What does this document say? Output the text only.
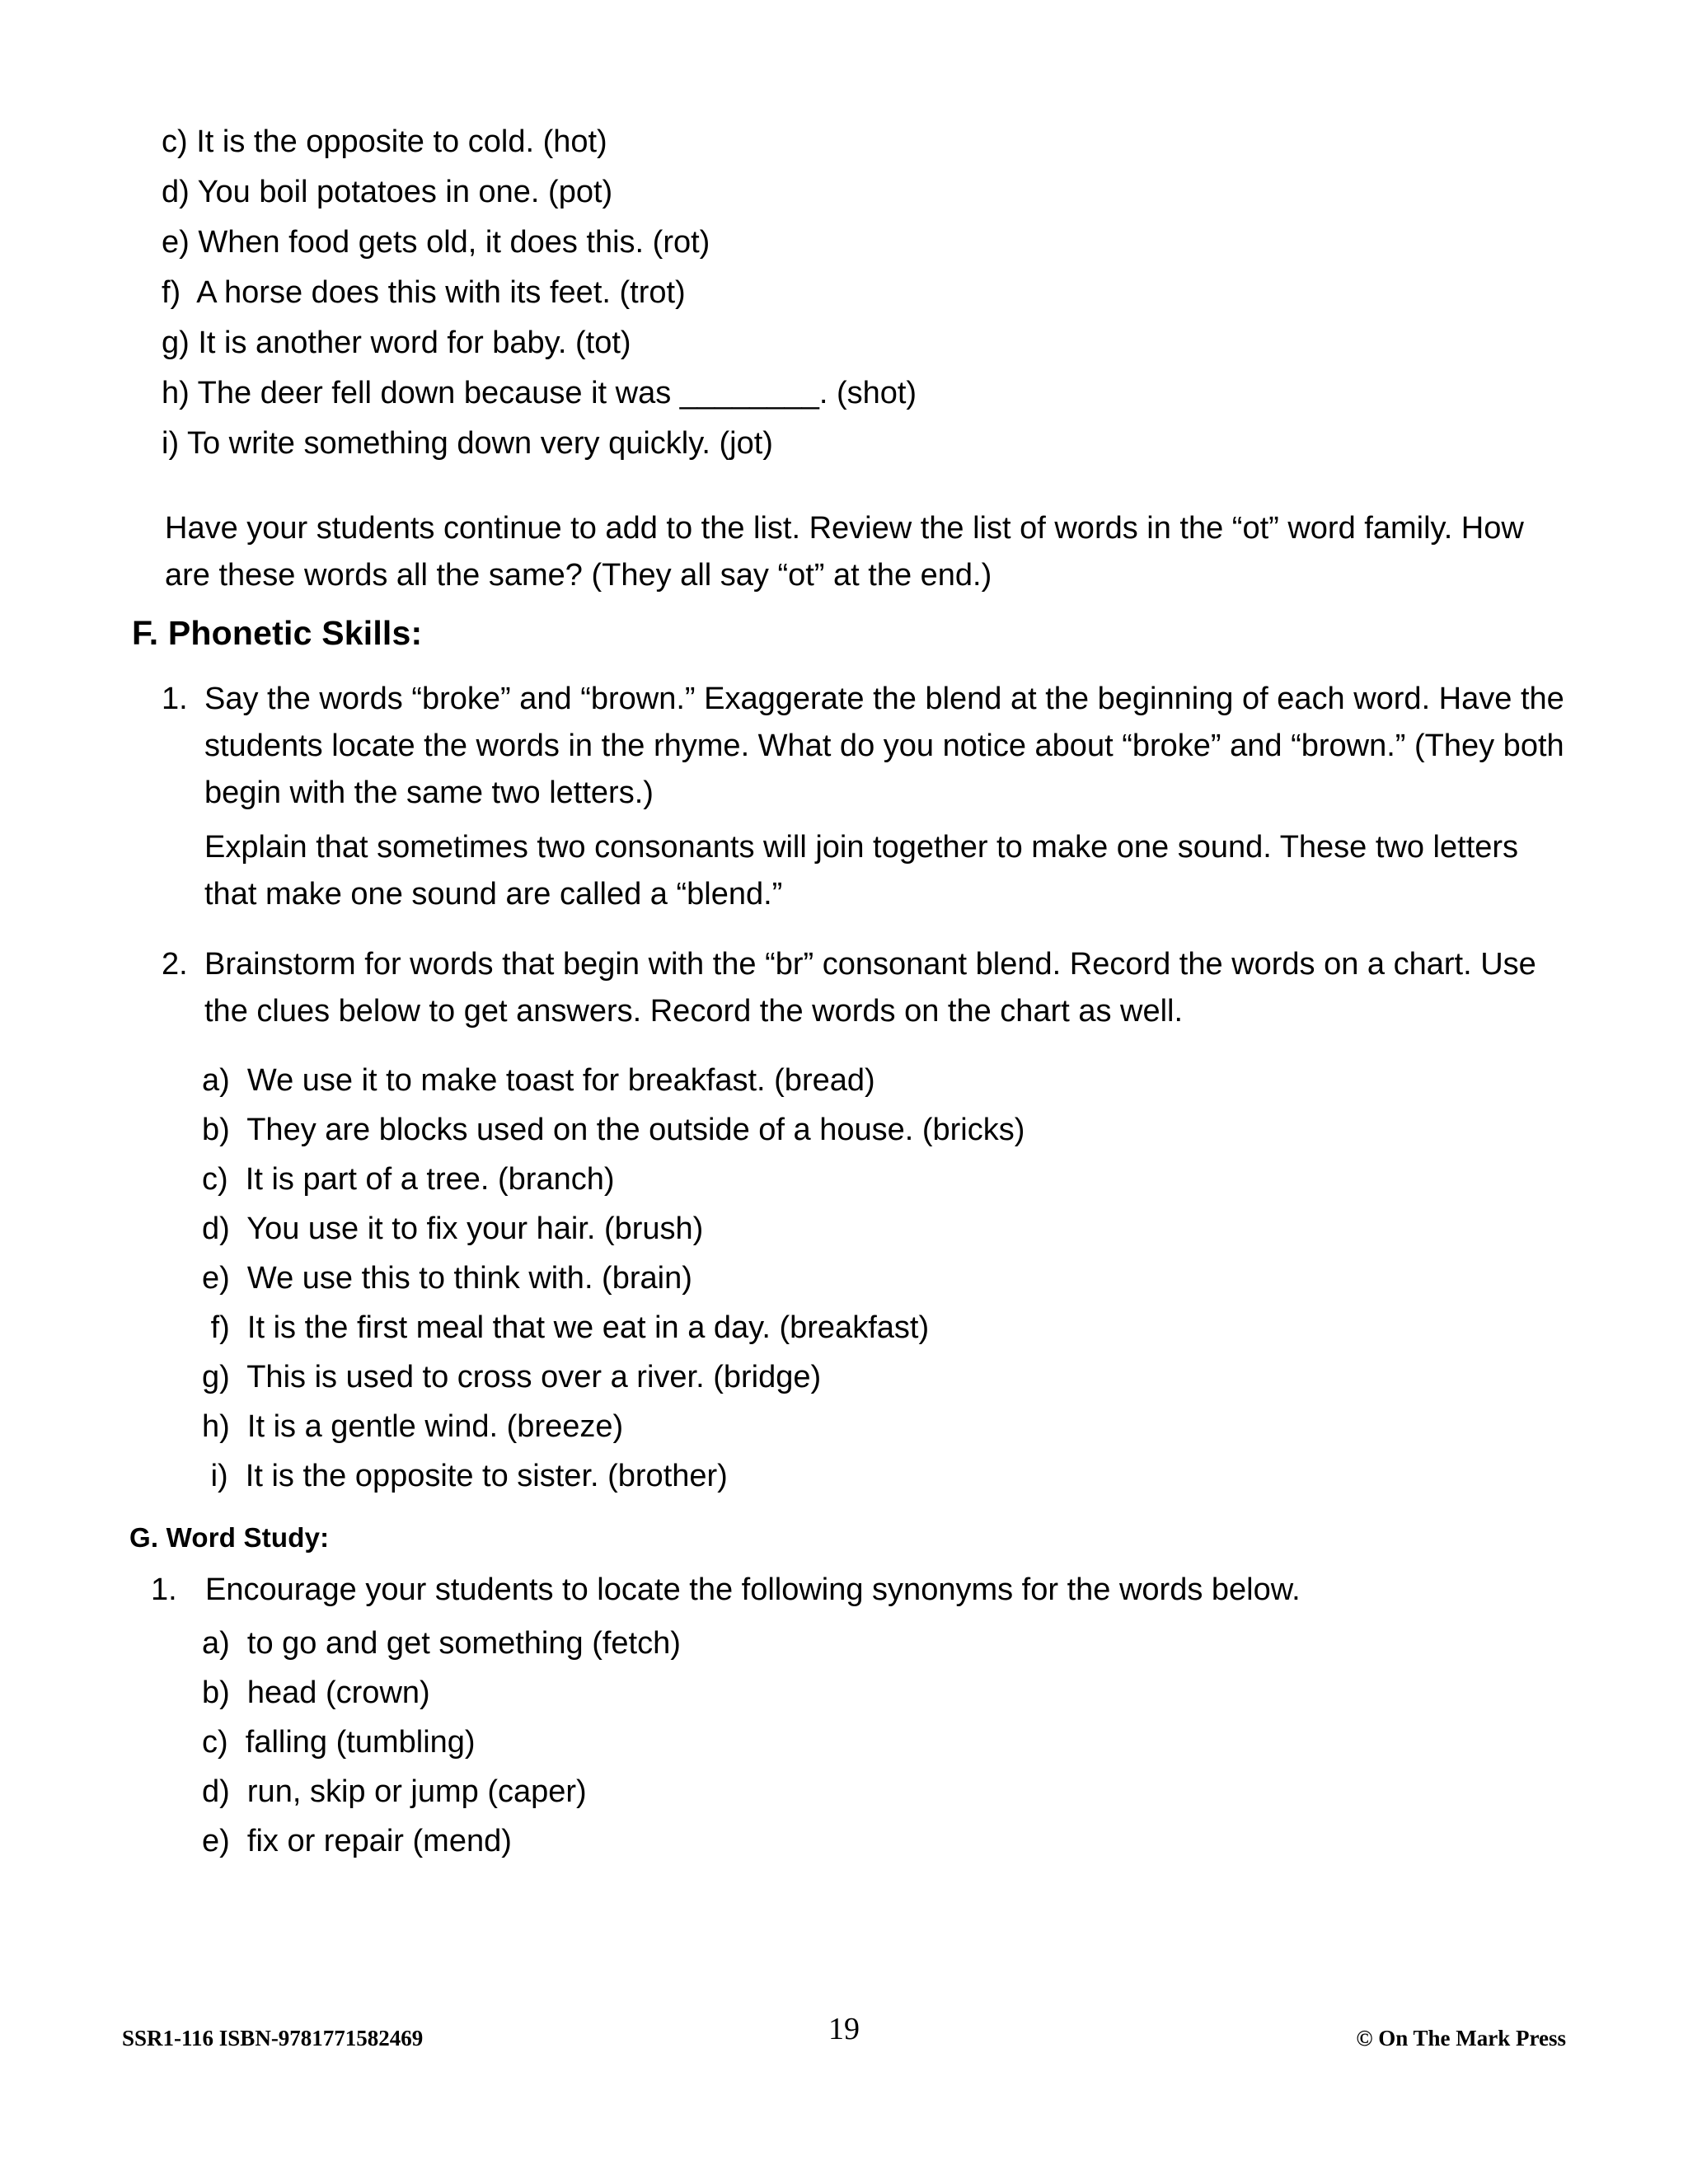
c) It is the opposite to cold. (hot)

d) You boil potatoes in one. (pot)

e) When food gets old, it does this. (rot)

f)  A horse does this with its feet. (trot)

g) It is another word for baby. (tot)

h) The deer fell down because it was ________. (shot)

i) To write something down very quickly. (jot)

Have your students continue to add to the list. Review the list of words in the “ot” word family. How are these words all the same? (They all say “ot” at the end.)

F. Phonetic Skills:
1. Say the words “broke” and “brown.” Exaggerate the blend at the beginning of each word. Have the students locate the words in the rhyme. What do you notice about “broke” and “brown.” (They both begin with the same two letters.)

Explain that sometimes two consonants will join together to make one sound. These two letters that make one sound are called a “blend.”

2. Brainstorm for words that begin with the “br” consonant blend. Record the words on a chart. Use the clues below to get answers. Record the words on the chart as well.

a)  We use it to make toast for breakfast. (bread)

b)  They are blocks used on the outside of a house. (bricks)

c)  It is part of a tree. (branch)

d)  You use it to fix your hair. (brush)

e)  We use this to think with. (brain)

f)  It is the first meal that we eat in a day. (breakfast)

g)  This is used to cross over a river. (bridge)

h)  It is a gentle wind. (breeze)

i)  It is the opposite to sister. (brother)

G. Word Study:
1. Encourage your students to locate the following synonyms for the words below.

a)  to go and get something (fetch)

b)  head (crown)

c)  falling (tumbling)

d)  run, skip or jump (caper)

e)  fix or repair (mend)

SSR1-116 ISBN-9781771582469	19	© On The Mark Press
